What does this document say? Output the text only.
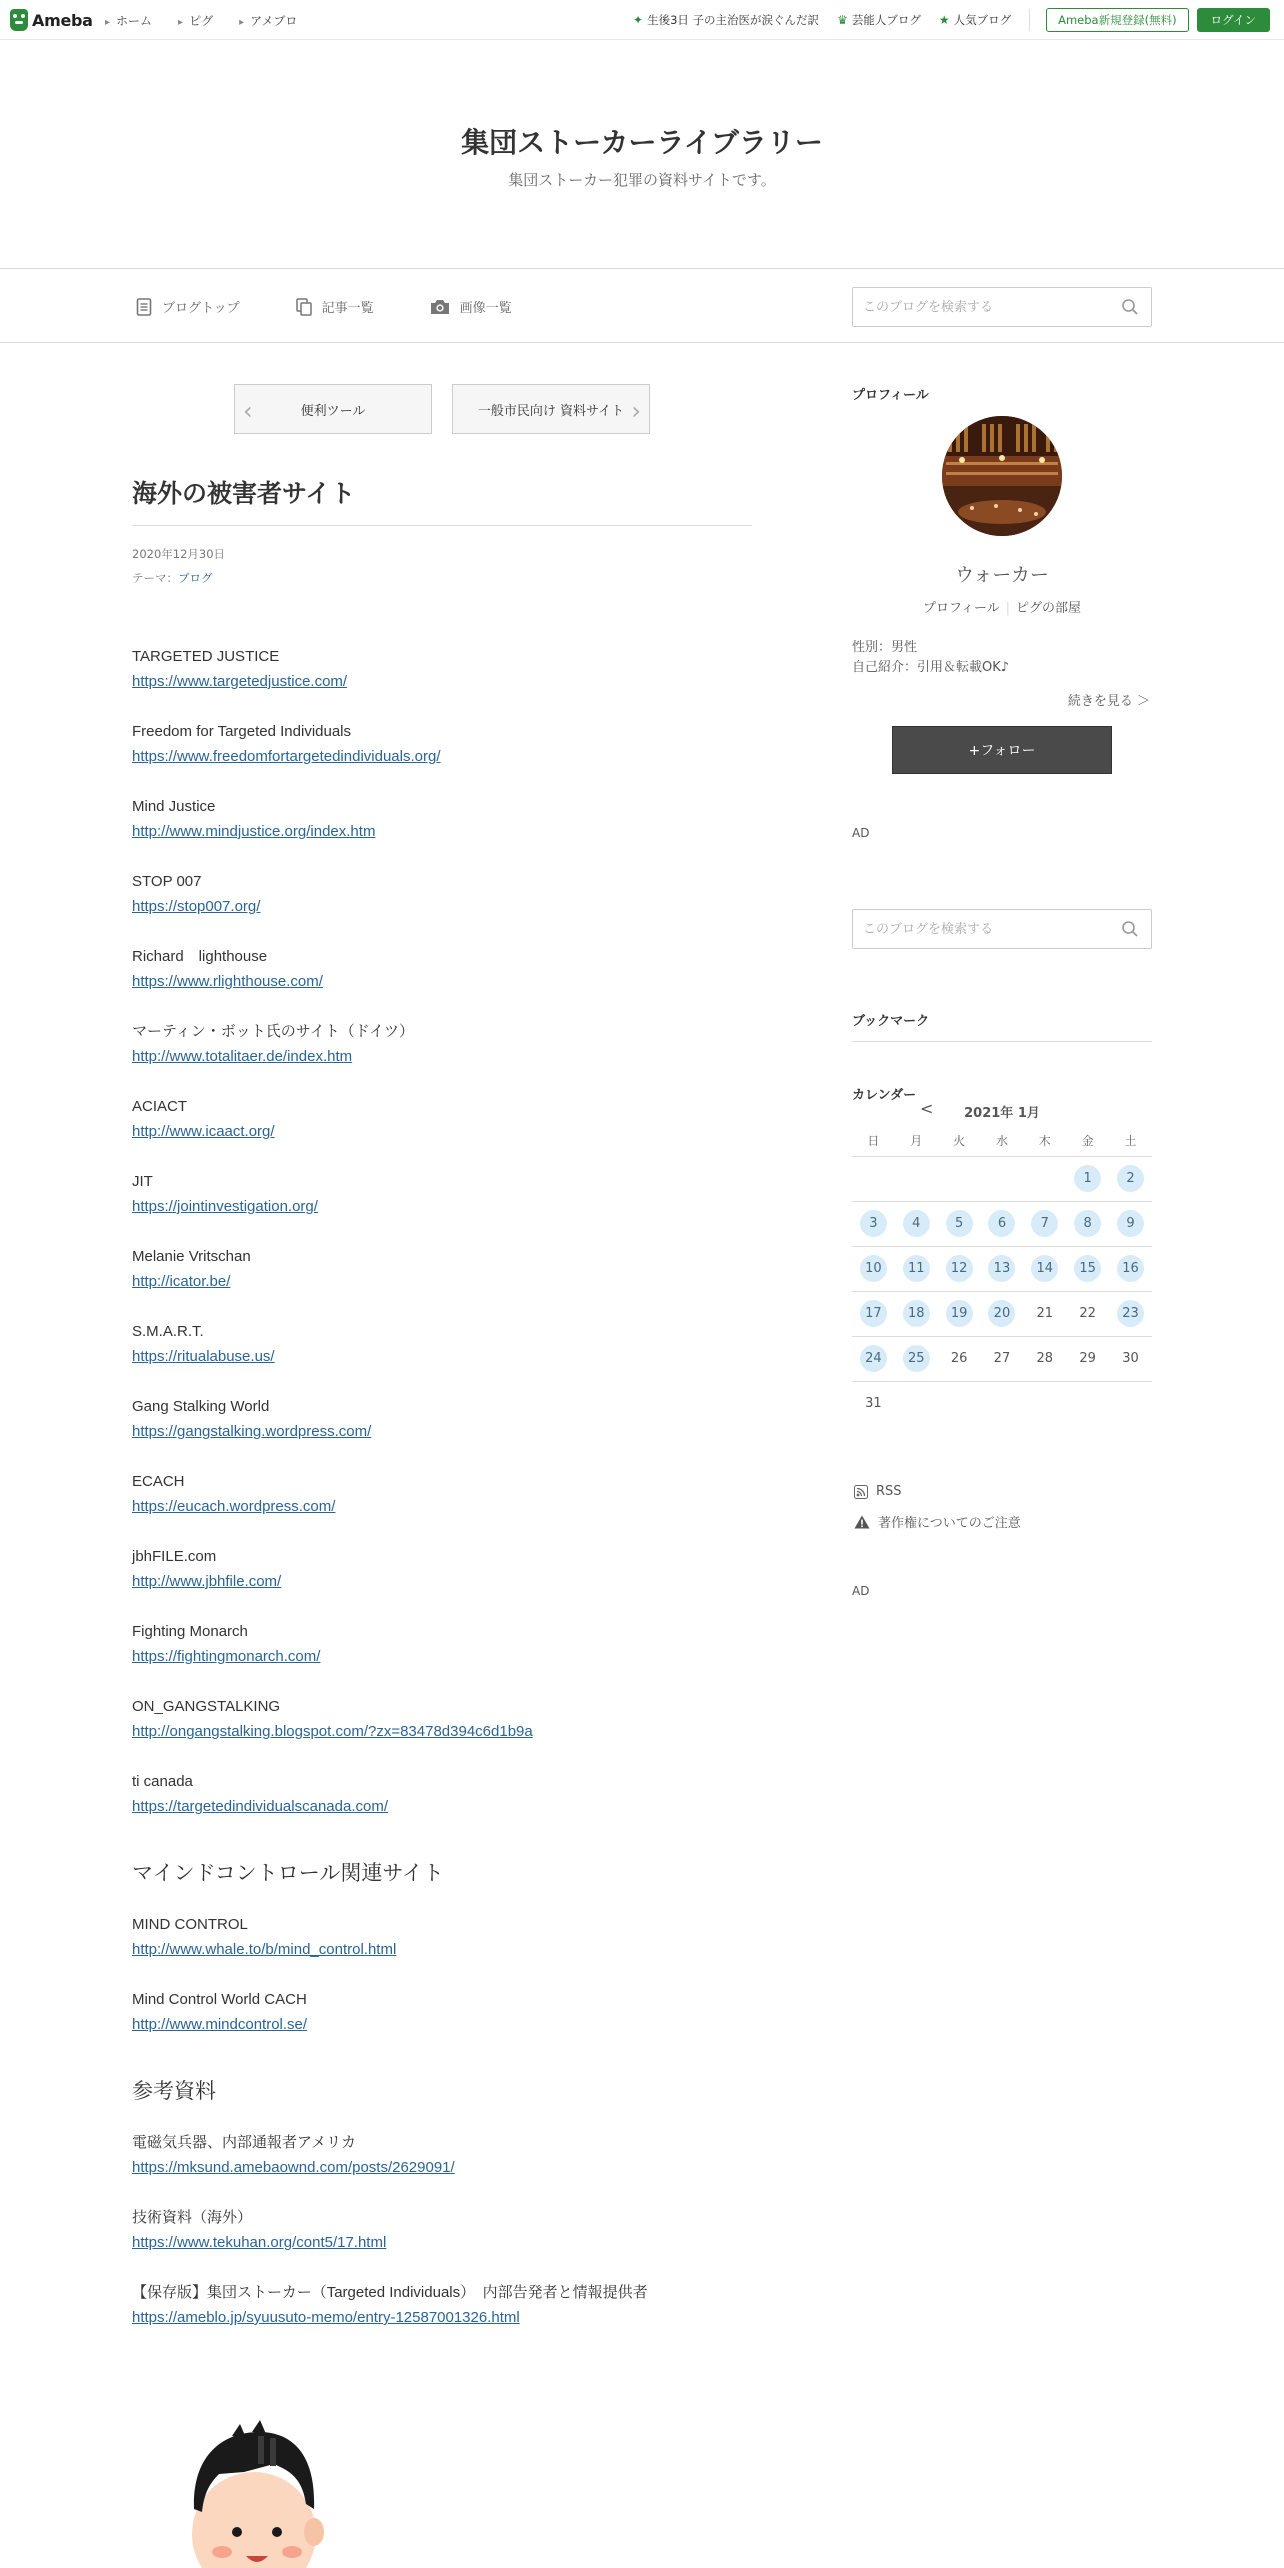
Ameba	▸ ホーム	▸ ピグ	▸ アメブロ	✦ 生後3日 子の主治医が涙ぐんだ訳 ♛ 芸能人ブログ ★ 人気ブログ	Ameba新規登録(無料)	ログイン
集団ストーカーライブラリー
集団ストーカー犯罪の資料サイトです。
ブログトップ	記事一覧	画像一覧
このブログを検索する
‹	便利ツール	一般市民向け 資料サイト ›
海外の被害者サイト
2020年12月30日
テーマ：ブログ
TARGETED JUSTICE
https://www.targetedjustice.com/
Freedom for Targeted Individuals
https://www.freedomfortargetedindividuals.org/
Mind Justice
http://www.mindjustice.org/index.htm
STOP 007
https://stop007.org/
Richard　lighthouse
https://www.rlighthouse.com/
マーティン・ボット氏のサイト（ドイツ）
http://www.totalitaer.de/index.htm
ACIACT
http://www.icaact.org/
JIT
https://jointinvestigation.org/
Melanie Vritschan
http://icator.be/
S.M.A.R.T.
https://ritualabuse.us/
Gang Stalking World
https://gangstalking.wordpress.com/
ECACH
https://eucach.wordpress.com/
jbhFILE.com
http://www.jbhfile.com/
Fighting Monarch
https://fightingmonarch.com/
ON_GANGSTALKING
http://ongangstalking.blogspot.com/?zx=83478d394c6d1b9a
ti canada
https://targetedindividualscanada.com/
マインドコントロール関連サイト
MIND CONTROL
http://www.whale.to/b/mind_control.html
Mind Control World CACH
http://www.mindcontrol.se/
参考資料
電磁気兵器、内部通報者アメリカ
https://mksund.amebaownd.com/posts/2629091/
技術資料（海外）
https://www.tekuhan.org/cont5/17.html
【保存版】集団ストーカー（Targeted Individuals）　内部告発者と情報提供者
https://ameblo.jp/syuusuto-memo/entry-12587001326.html
プロフィール
ウォーカー
プロフィール | ピグの部屋
性別：男性
自己紹介：引用＆転載OK♪
続きを見る ＞
+フォロー
AD
このブログを検索する
ブックマーク
カレンダー
< 2021年 1月
日	月	火	水	木	金	土
					1	2
3	4	5	6	7	8	9
10	11	12	13	14	15	16
17	18	19	20	21	22	23
24	25	26	27	28	29	30
31						
RSS
著作権についてのご注意
AD
